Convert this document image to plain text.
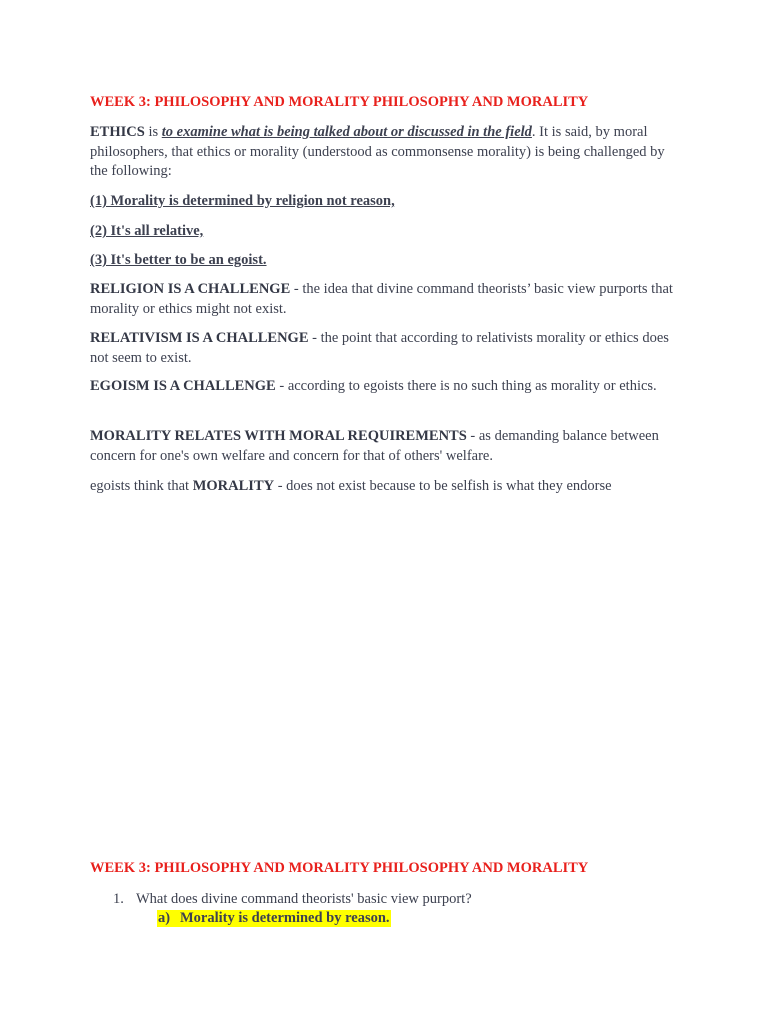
WEEK 3: PHILOSOPHY AND MORALITY PHILOSOPHY AND MORALITY
ETHICS is to examine what is being talked about or discussed in the field. It is said, by moral philosophers, that ethics or morality (understood as commonsense morality) is being challenged by the following:
(1) Morality is determined by religion not reason,
(2) It's all relative,
(3) It's better to be an egoist.
RELIGION IS A CHALLENGE - the idea that divine command theorists’ basic view purports that morality or ethics might not exist.
RELATIVISM IS A CHALLENGE - the point that according to relativists morality or ethics does not seem to exist.
EGOISM IS A CHALLENGE - according to egoists there is no such thing as morality or ethics.
MORALITY RELATES WITH MORAL REQUIREMENTS - as demanding balance between concern for one's own welfare and concern for that of others' welfare.
egoists think that MORALITY - does not exist because to be selfish is what they endorse
WEEK 3: PHILOSOPHY AND MORALITY PHILOSOPHY AND MORALITY
1. What does divine command theorists' basic view purport?
a) Morality is determined by reason.
